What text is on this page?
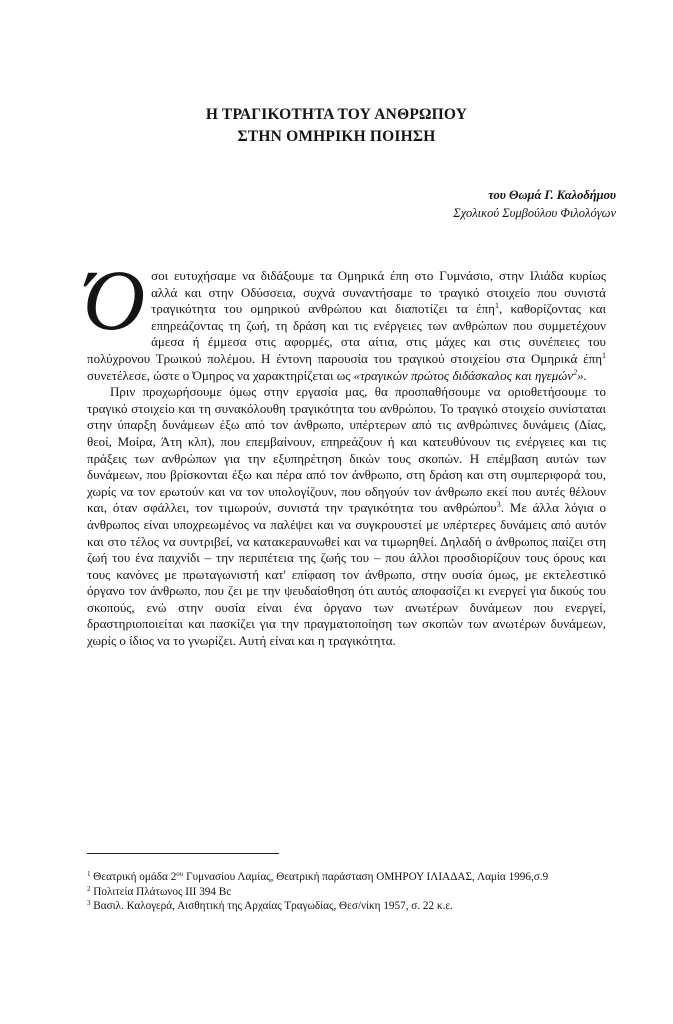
Η ΤΡΑΓΙΚΟΤΗΤΑ ΤΟΥ ΑΝΘΡΩΠΟΥ
ΣΤΗΝ ΟΜΗΡΙΚΗ ΠΟΙΗΣΗ
του Θωμά Γ. Καλοδήμου
Σχολικού Συμβούλου Φιλολόγων

Όσοι ευτυχήσαμε να διδάξουμε τα Ομηρικά έπη στο Γυμνάσιο, στην Ιλιάδα κυρίως αλλά και στην Οδύσσεια, συχνά συναντήσαμε το τραγικό στοιχείο που συνιστά τραγικότητα του ομηρικού ανθρώπου και διαποτίζει τα έπη$^1$, καθορίζοντας και επηρεάζοντας τη ζωή, τη δράση και τις ενέργειες των ανθρώπων που συμμετέχουν άμεσα ή έμμεσα στις αφορμές, στα αίτια, στις μάχες και στις συνέπειες του πολύχρονου Τρωικού πολέμου. Η έντονη παρουσία του τραγικού στοιχείου στα Ομηρικά έπη$^1$ συνετέλεσε, ώστε ο Όμηρος να χαρακτηρίζεται ως «τραγικών πρώτος διδάσκαλος και ηγεμών$^2$».

Πριν προχωρήσουμε όμως στην εργασία μας, θα προσπαθήσουμε να οριοθετήσουμε το τραγικό στοιχείο και τη συνακόλουθη τραγικότητα του ανθρώπου. Το τραγικό στοιχείο συνίσταται στην ύπαρξη δυνάμεων έξω από τον άνθρωπο, υπέρτερων από τις ανθρώπινες δυνάμεις (Δίας, θεοί, Μοίρα, Άτη κλπ), που επεμβαίνουν, επηρεάζουν ή και κατευθύνουν τις ενέργειες και τις πράξεις των ανθρώπων για την εξυπηρέτηση δικών τους σκοπών. Η επέμβαση αυτών των δυνάμεων, που βρίσκονται έξω και πέρα από τον άνθρωπο, στη δράση και στη συμπεριφορά του, χωρίς να τον ερωτούν και να τον υπολογίζουν, που οδηγούν τον άνθρωπο εκεί που αυτές θέλουν και, όταν σφάλλει, τον τιμωρούν, συνιστά την τραγικότητα του ανθρώπου$^3$. Με άλλα λόγια ο άνθρωπος είναι υποχρεωμένος να παλέψει και να συγκρουστεί με υπέρτερες δυνάμεις από αυτόν και στο τέλος να συντριβεί, να κατακεραυνωθεί και να τιμωρηθεί. Δηλαδή ο άνθρωπος παίζει στη ζωή του ένα παιχνίδι – την περιπέτεια της ζωής του – που άλλοι προσδιορίζουν τους όρους και τους κανόνες με πρωταγωνιστή κατ' επίφαση τον άνθρωπο, στην ουσία όμως, με εκτελεστικό όργανο τον άνθρωπο, που ζει με την ψευδαίσθηση ότι αυτός αποφασίζει κι ενεργεί για δικούς του σκοπούς, ενώ στην ουσία είναι ένα όργανο των ανωτέρων δυνάμεων που ενεργεί, δραστηριοποιείται και πασκίζει για την πραγματοποίηση των σκοπών των ανωτέρων δυνάμεων, χωρίς ο ίδιος να το γνωρίζει. Αυτή είναι και η τραγικότητα.

$^1$ Θεατρική ομάδα $2^{o\upsilon}$ Γυμνασίου Λαμίας, Θεατρική παράσταση ΟΜΗΡΟΥ ΙΛΙΑΔΑΣ, Λαμία 1996,σ.9

$^2$ Πολιτεία Πλάτωνος ΙΙΙ 394 Βc

$^3$ Βασιλ. Καλογερά, Αισθητική της Αρχαίας Τραγωδίας, Θεσ/νίκη 1957, σ. 22 κ.ε.
